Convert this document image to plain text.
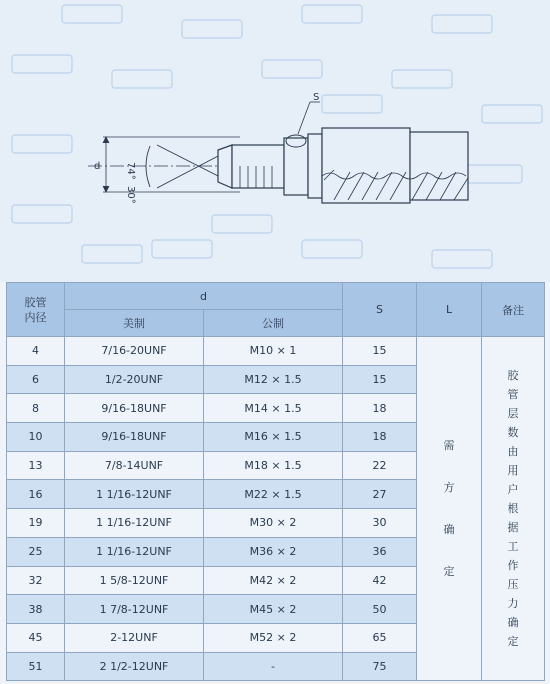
d 74°
30°
S
胶管
内径	d		S	L	备注
	美制	公制			
4	7/16-20UNF	M10 × 1	15	需方确定	胶管层数由用户根据工作压力确定
6	1/2-20UNF	M12 × 1.5	15		
8	9/16-18UNF	M14 × 1.5	18		
10	9/16-18UNF	M16 × 1.5	18		
13	7/8-14UNF	M18 × 1.5	22		
16	1 1/16-12UNF	M22 × 1.5	27		
19	1 1/16-12UNF	M30 × 2	30		
25	1 1/16-12UNF	M36 × 2	36		
32	1 5/8-12UNF	M42 × 2	42		
38	1 7/8-12UNF	M45 × 2	50		
45	2-12UNF	M52 × 2	65		
51	2 1/2-12UNF	-	75		
